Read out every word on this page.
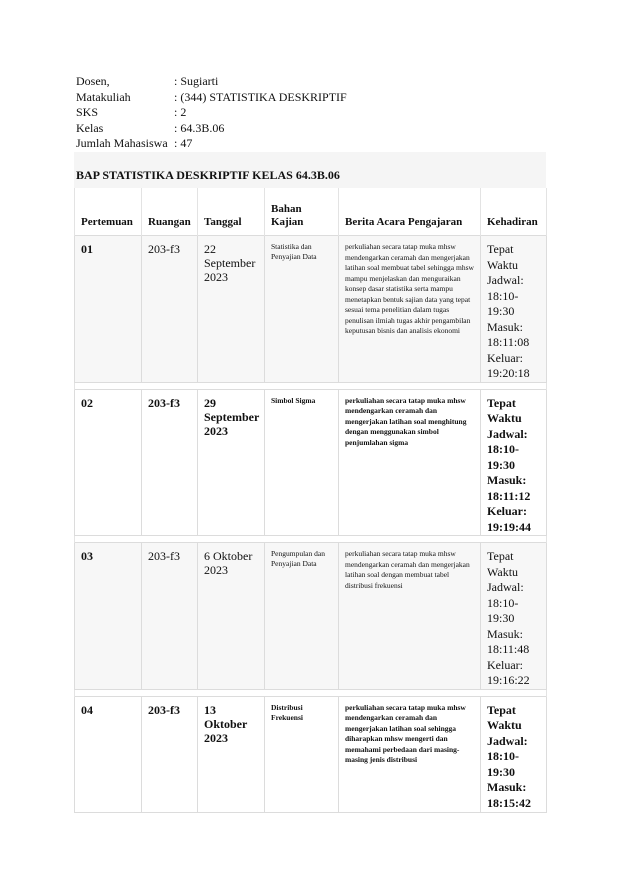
Dosen,	: Sugiarti
Matakuliah	: (344) STATISTIKA DESKRIPTIF
SKS	: 2
Kelas	: 64.3B.06
Jumlah Mahasiswa : 47
BAP STATISTIKA DESKRIPTIF KELAS 64.3B.06
Pertemuan	Ruangan	Tanggal	Bahan Kajian	Berita Acara Pengajaran	Kehadiran
01	203-f3	22 September 2023	Statistika dan Penyajian Data	perkuliahan secara tatap muka mhsw mendengarkan ceramah dan mengerjakan latihan soal membuat tabel sehingga mhsw mampu menjelaskan dan menguraikan konsep dasar statistika serta mampu menetapkan bentuk sajian data yang tepat sesuai tema penelitian dalam tugas penulisan ilmiah tugas akhir pengambilan keputusan bisnis dan analisis ekonomi	Tepat Waktu Jadwal: 18:10-19:30 Masuk: 18:11:08 Keluar: 19:20:18

02	203-f3	29 September 2023	Simbol Sigma	perkuliahan secara tatap muka mhsw mendengarkan ceramah dan mengerjakan latihan soal menghitung dengan menggunakan simbol penjumlahan sigma	Tepat Waktu Jadwal: 18:10-19:30 Masuk: 18:11:12 Keluar: 19:19:44

03	203-f3	6 Oktober 2023	Pengumpulan dan Penyajian Data	perkuliahan secara tatap muka mhsw mendengarkan ceramah dan mengerjakan latihan soal dengan membuat tabel distribusi frekuensi	Tepat Waktu Jadwal: 18:10-19:30 Masuk: 18:11:48 Keluar: 19:16:22

04	203-f3	13 Oktober 2023	Distribusi Frekuensi	perkuliahan secara tatap muka mhsw mendengarkan ceramah dan mengerjakan latihan soal sehingga diharapkan mhsw mengerti dan memahami perbedaan dari masing-masing jenis distribusi	Tepat Waktu Jadwal: 18:10-19:30 Masuk: 18:15:42
